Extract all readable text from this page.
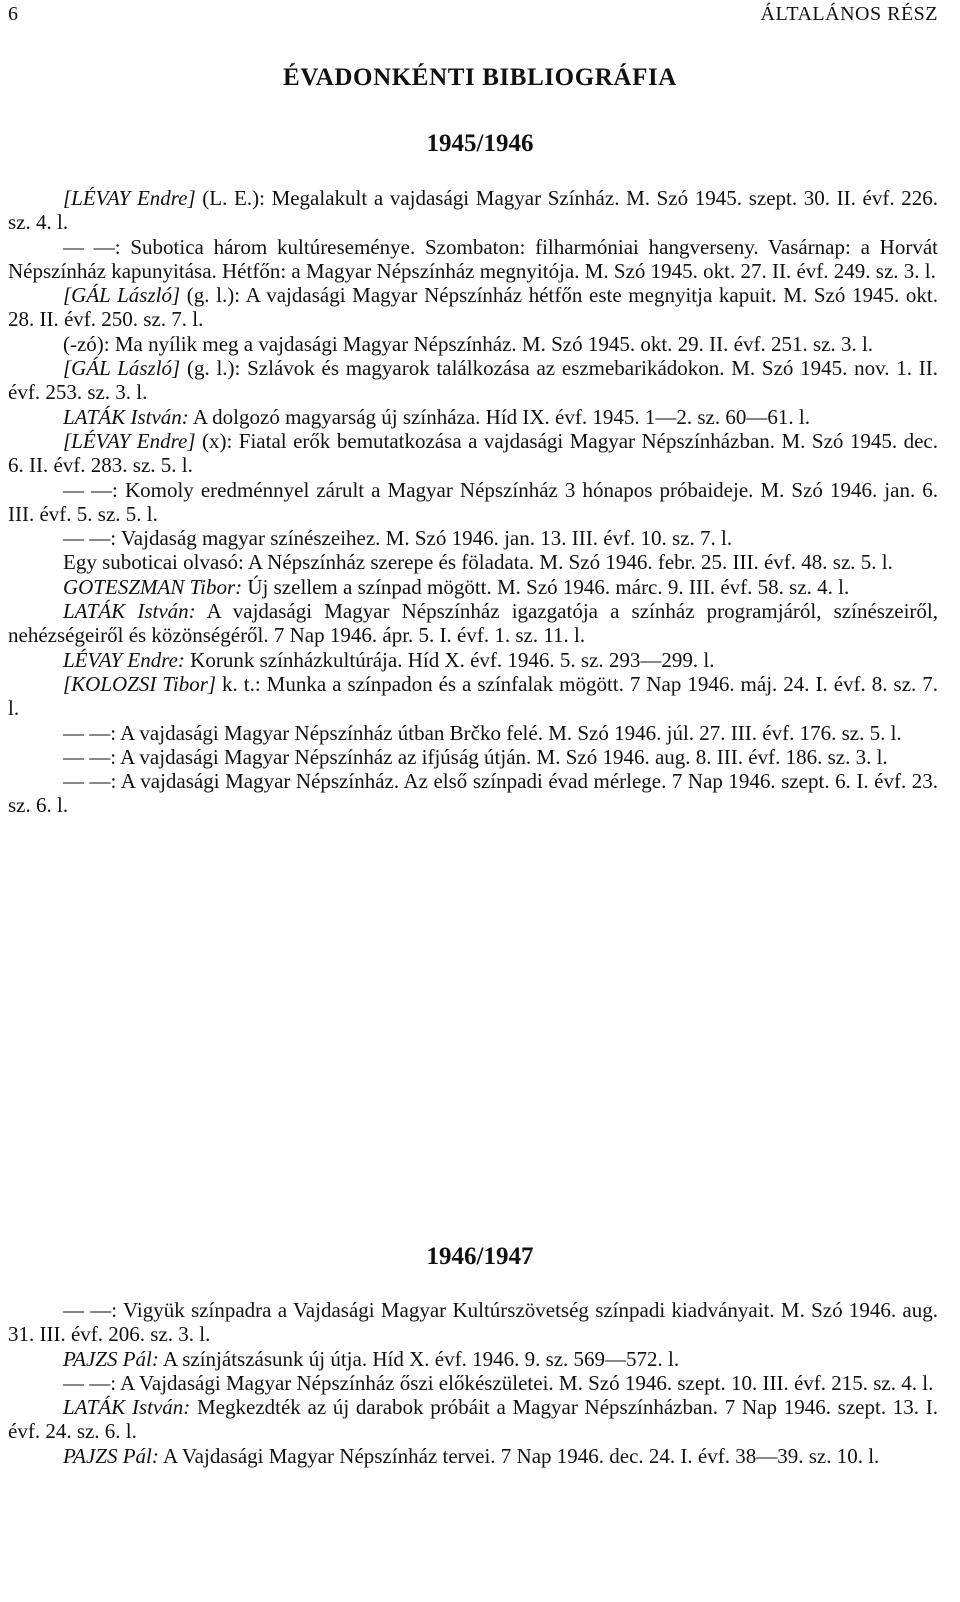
6	ÁLTALÁNOS RÉSZ
ÉVADONKÉNTI BIBLIOGRÁFIA
1945/1946

[LÉVAY Endre] (L. E.): Megalakult a vajdasági Magyar Színház. M. Szó 1945. szept. 30. II. évf. 226. sz. 4. l.

— —: Subotica három kultúreseménye. Szombaton: filharmóniai hangverseny. Vasárnap: a Horvát Népszínház kapunyitása. Hétfőn: a Magyar Népszínház megnyitója. M. Szó 1945. okt. 27. II. évf. 249. sz. 3. l.

[GÁL László] (g. l.): A vajdasági Magyar Népszínház hétfőn este megnyitja kapuit. M. Szó 1945. okt. 28. II. évf. 250. sz. 7. l.

(-zó): Ma nyílik meg a vajdasági Magyar Népszínház. M. Szó 1945. okt. 29. II. évf. 251. sz. 3. l.

[GÁL László] (g. l.): Szlávok és magyarok találkozása az eszmebarikádokon. M. Szó 1945. nov. 1. II. évf. 253. sz. 3. l.

LATÁK István: A dolgozó magyarság új színháza. Híd IX. évf. 1945. 1—2. sz. 60—61. l.

[LÉVAY Endre] (x): Fiatal erők bemutatkozása a vajdasági Magyar Népszínházban. M. Szó 1945. dec. 6. II. évf. 283. sz. 5. l.

— —: Komoly eredménnyel zárult a Magyar Népszínház 3 hónapos próbaideje. M. Szó 1946. jan. 6. III. évf. 5. sz. 5. l.

— —: Vajdaság magyar színészeihez. M. Szó 1946. jan. 13. III. évf. 10. sz. 7. l.

Egy suboticai olvasó: A Népszínház szerepe és föladata. M. Szó 1946. febr. 25. III. évf. 48. sz. 5. l.

GOTESZMAN Tibor: Új szellem a színpad mögött. M. Szó 1946. márc. 9. III. évf. 58. sz. 4. l.

LATÁK István: A vajdasági Magyar Népszínház igazgatója a színház programjáról, színészeiről, nehézségeiről és közönségéről. 7 Nap 1946. ápr. 5. I. évf. 1. sz. 11. l.

LÉVAY Endre: Korunk színházkultúrája. Híd X. évf. 1946. 5. sz. 293—299. l.

[KOLOZSI Tibor] k. t.: Munka a színpadon és a színfalak mögött. 7 Nap 1946. máj. 24. I. évf. 8. sz. 7. l.

— —: A vajdasági Magyar Népszínház útban Brčko felé. M. Szó 1946. júl. 27. III. évf. 176. sz. 5. l.

— —: A vajdasági Magyar Népszínház az ifjúság útján. M. Szó 1946. aug. 8. III. évf. 186. sz. 3. l.

— —: A vajdasági Magyar Népszínház. Az első színpadi évad mérlege. 7 Nap 1946. szept. 6. I. évf. 23. sz. 6. l.

1946/1947

— —: Vigyük színpadra a Vajdasági Magyar Kultúrszövetség színpadi kiadványait. M. Szó 1946. aug. 31. III. évf. 206. sz. 3. l.

PAJZS Pál: A színjátszásunk új útja. Híd X. évf. 1946. 9. sz. 569—572. l.

— —: A Vajdasági Magyar Népszínház őszi előkészületei. M. Szó 1946. szept. 10. III. évf. 215. sz. 4. l.

LATÁK István: Megkezdték az új darabok próbáit a Magyar Népszínházban. 7 Nap 1946. szept. 13. I. évf. 24. sz. 6. l.

PAJZS Pál: A Vajdasági Magyar Népszínház tervei. 7 Nap 1946. dec. 24. I. évf. 38—39. sz. 10. l.
